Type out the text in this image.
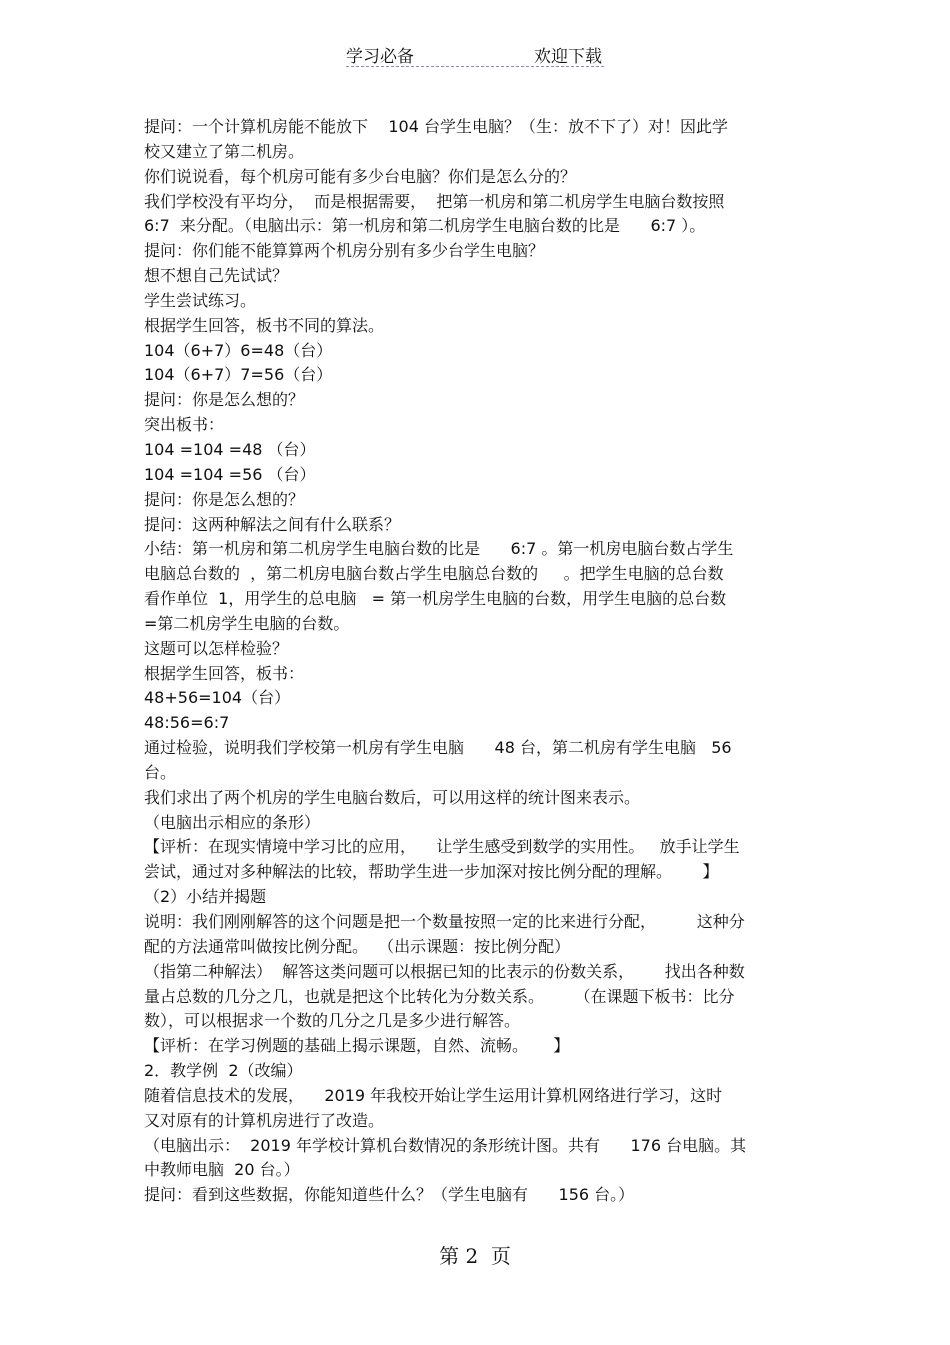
学习必备	欢迎下载
提问：一个计算机房能不能放下    104 台学生电脑？（生：放不下了）对！因此学
校又建立了第二机房。
你们说说看，每个机房可能有多少台电脑？你们是怎么分的？
我们学校没有平均分，  而是根据需要，  把第一机房和第二机房学生电脑台数按照
6:7  来分配。（电脑出示：第一机房和第二机房学生电脑台数的比是      6:7 ）。
提问：你们能不能算算两个机房分别有多少台学生电脑？
想不想自己先试试？
学生尝试练习。
根据学生回答，板书不同的算法。
104（6+7）6=48（台）
104（6+7）7=56（台）
提问：你是怎么想的？
突出板书：
104 =104 =48 （台）
104 =104 =56 （台）
提问：你是怎么想的？
提问：这两种解法之间有什么联系？
小结：第一机房和第二机房学生电脑台数的比是      6:7 。第一机房电脑台数占学生
电脑总台数的  ，第二机房电脑台数占学生电脑总台数的     。把学生电脑的总台数
看作单位  1，用学生的总电脑   = 第一机房学生电脑的台数，用学生电脑的总台数
=第二机房学生电脑的台数。
这题可以怎样检验？
根据学生回答，板书：
48+56=104（台）
48:56=6:7
通过检验，说明我们学校第一机房有学生电脑      48 台，第二机房有学生电脑   56
台。
我们求出了两个机房的学生电脑台数后，可以用这样的统计图来表示。
（电脑出示相应的条形）
【评析：在现实情境中学习比的应用，    让学生感受到数学的实用性。   放手让学生
尝试，通过对多种解法的比较，帮助学生进一步加深对按比例分配的理解。      】
（2）小结并揭题
说明：我们刚刚解答的这个问题是把一个数量按照一定的比来进行分配，        这种分
配的方法通常叫做按比例分配。  （出示课题：按比例分配）
（指第二种解法）  解答这类问题可以根据已知的比表示的份数关系，      找出各种数
量占总数的几分之几，也就是把这个比转化为分数关系。      （在课题下板书：比分
数），可以根据求一个数的几分之几是多少进行解答。
【评析：在学习例题的基础上揭示课题，自然、流畅。     】
2．教学例  2（改编）
随着信息技术的发展，    2019 年我校开始让学生运用计算机网络进行学习，这时
又对原有的计算机房进行了改造。
（电脑出示：  2019 年学校计算机台数情况的条形统计图。共有      176 台电脑。其
中教师电脑  20 台。）
提问：看到这些数据，你能知道些什么？（学生电脑有      156 台。）
第 2  页
